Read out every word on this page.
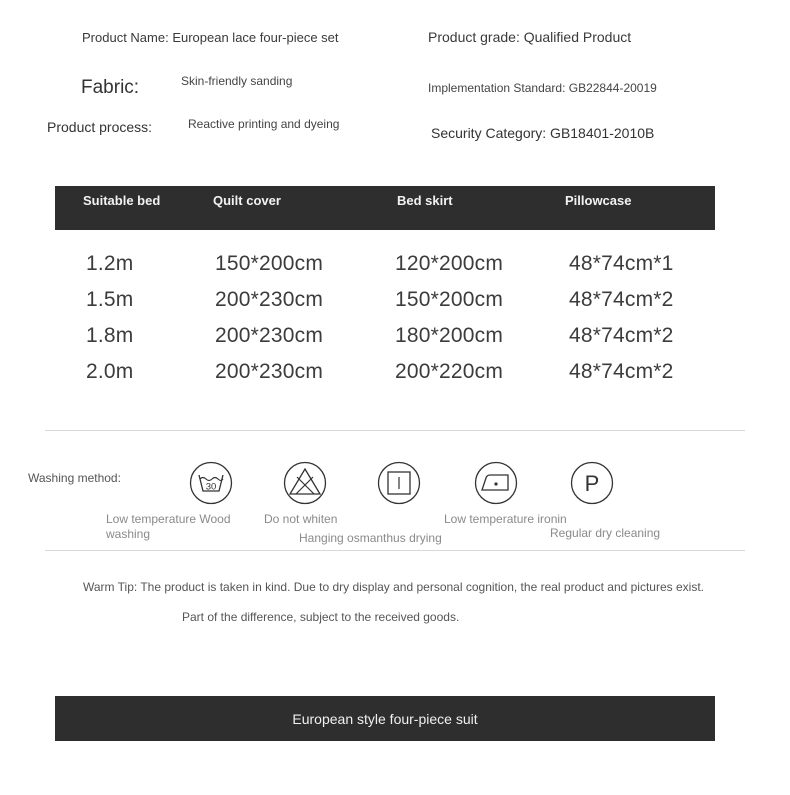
Product Name: European lace four-piece set	Product grade: Qualified Product
Fabric:	Skin-friendly sanding	Implementation Standard: GB22844-20019
Product process:	Reactive printing and dyeing
Security Category: GB18401-2010B
Suitable bed	Quilt cover	Bed skirt	Pillowcase
1.2m	150*200cm	120*200cm	48*74cm*1
1.5m	200*230cm	150*200cm	48*74cm*2
1.8m	200*230cm	180*200cm	48*74cm*2
2.0m	200*230cm	200*220cm	48*74cm*2
Washing method:
30	P
Low temperature Wood
washing
Do not whiten
Hanging osmanthus drying
Low temperature ironin
Regular dry cleaning
Warm Tip: The product is taken in kind. Due to dry display and personal cognition, the real product and pictures exist.
Part of the difference, subject to the received goods.
European style four-piece suit
